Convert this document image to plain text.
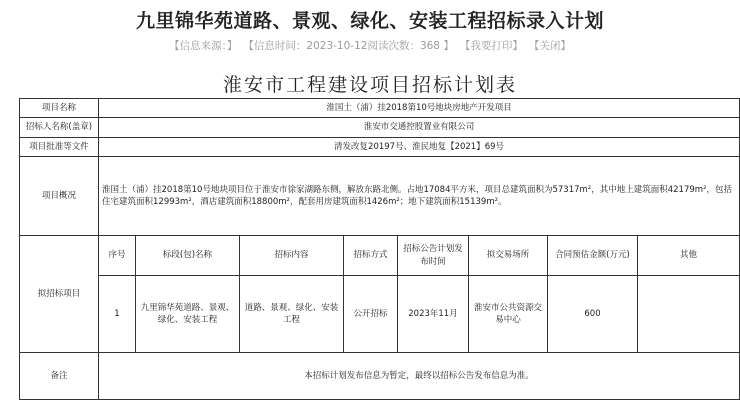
九里锦华苑道路、景观、绿化、安装工程招标录入计划
【信息来源：】 【信息时间：2023-10-12阅读次数：368 】 【我要打印】 【关闭】
淮安市工程建设项目招标计划表
项目名称	淮国土（浦）挂2018第10号地块房地产开发项目							
招标人名称(盖章)	淮安市交通控股置业有限公司							
项目批准等文件	清发改复20197号、淮民地复【2021】69号							
项目概况	淮国土（浦）挂2018第10号地块项目位于淮安市徐家湖路东侧，解放东路北侧。占地17084平方米，项目总建筑面积为57317m²，其中地上建筑面积42179m²，包括住宅建筑面积12993m²，酒店建筑面积18800m²，配套用房建筑面积1426m²；地下建筑面积15139m²。							
拟招标项目	序号	标段(包)名称	招标内容	招标方式	招标公告计划发布时间	拟交易场所	合同预估金额(万元)	其他
	1	九里锦华苑道路、景观、绿化、安装工程	道路、景观、绿化、安装工程	公开招标	2023年11月	淮安市公共资源交易中心	600	
备注	本招标计划发布信息为暂定，最终以招标公告发布信息为准。							
